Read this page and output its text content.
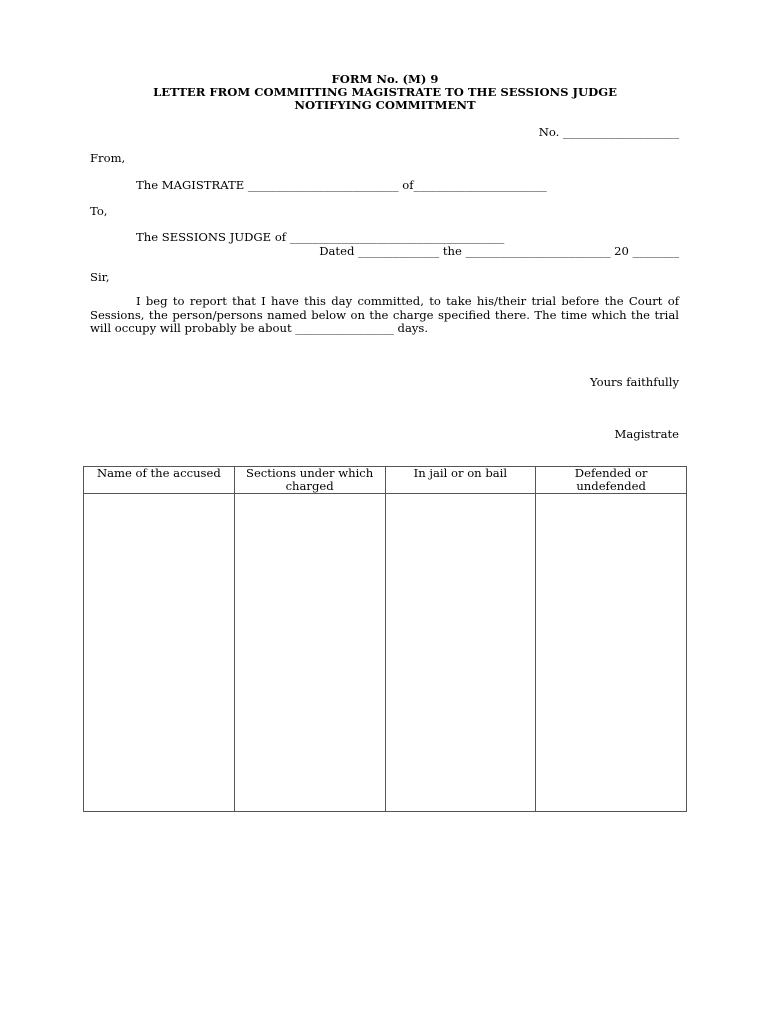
FORM No. (M) 9
LETTER FROM COMMITTING MAGISTRATE TO THE SESSIONS JUDGE
NOTIFYING COMMITMENT
No. ____________________
From,
The MAGISTRATE __________________________ of_______________________
To,
The SESSIONS JUDGE of _____________________________________
Dated ______________ the _________________________ 20 ________
Sir,
I beg to report that I have this day committed, to take his/their trial before the Court of Sessions, the person/persons named below on the charge specified there. The time which the trial will occupy will probably be about _________________ days.
Yours faithfully
Magistrate
Name of the accused	Sections under which charged	In jail or on bail	Defended or undefended
